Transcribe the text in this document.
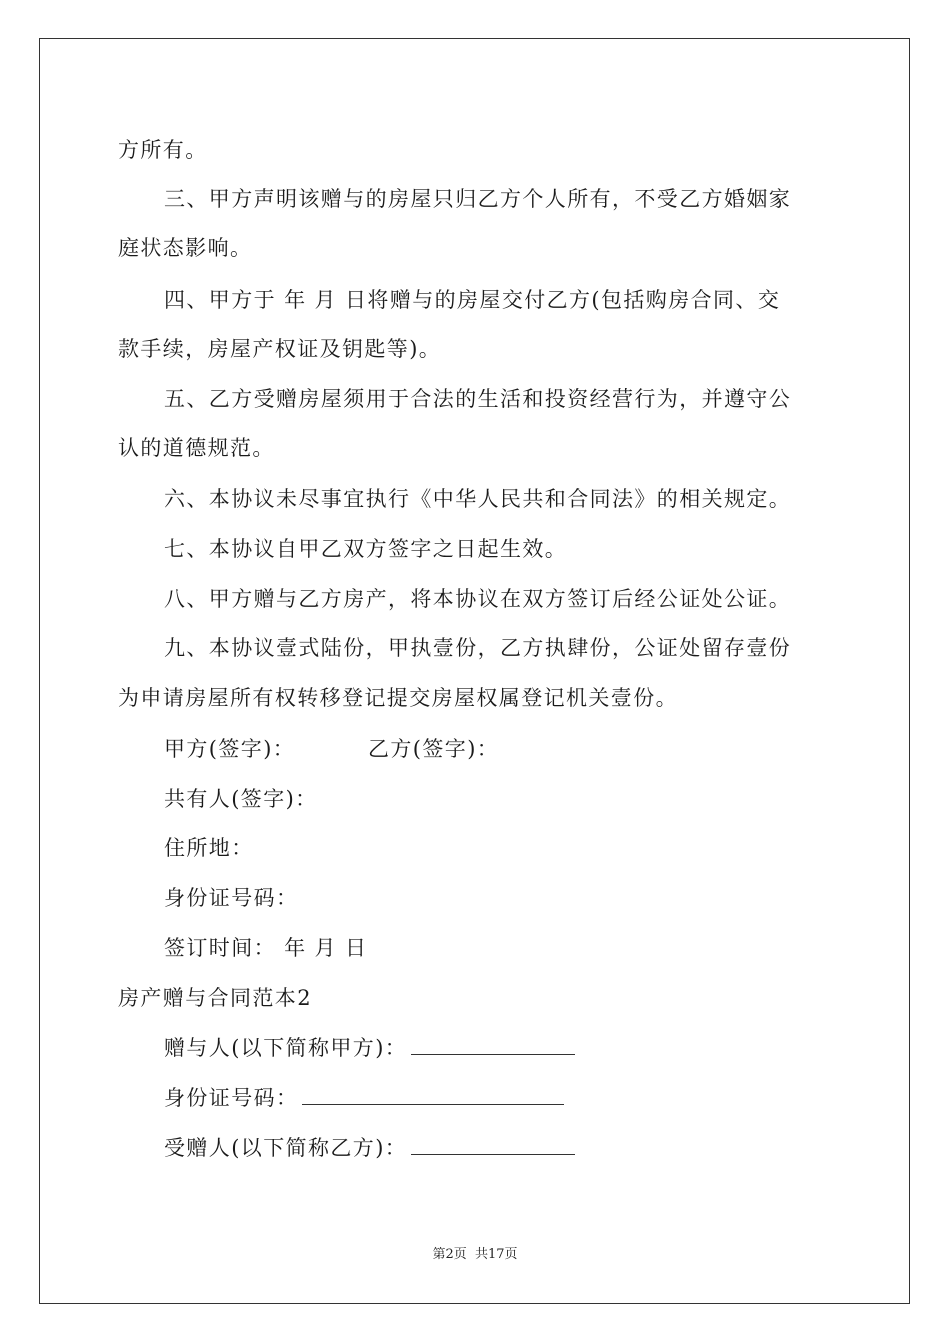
方所有。
三、甲方声明该赠与的房屋只归乙方个人所有，不受乙方婚姻家
庭状态影响。
四、甲方于 年 月 日将赠与的房屋交付乙方(包括购房合同、交
款手续，房屋产权证及钥匙等)。
五、乙方受赠房屋须用于合法的生活和投资经营行为，并遵守公
认的道德规范。
六、本协议未尽事宜执行《中华人民共和合同法》的相关规定。
七、本协议自甲乙双方签字之日起生效。
八、甲方赠与乙方房产，将本协议在双方签订后经公证处公证。
九、本协议壹式陆份，甲执壹份，乙方执肆份，公证处留存壹份
为申请房屋所有权转移登记提交房屋权属登记机关壹份。
甲方(签字)：	乙方(签字)：
共有人(签字)：
住所地：
身份证号码：
签订时间： 年 月 日
房产赠与合同范本2
赠与人(以下简称甲方)：
身份证号码：
受赠人(以下简称乙方)：
第2页 共17页
